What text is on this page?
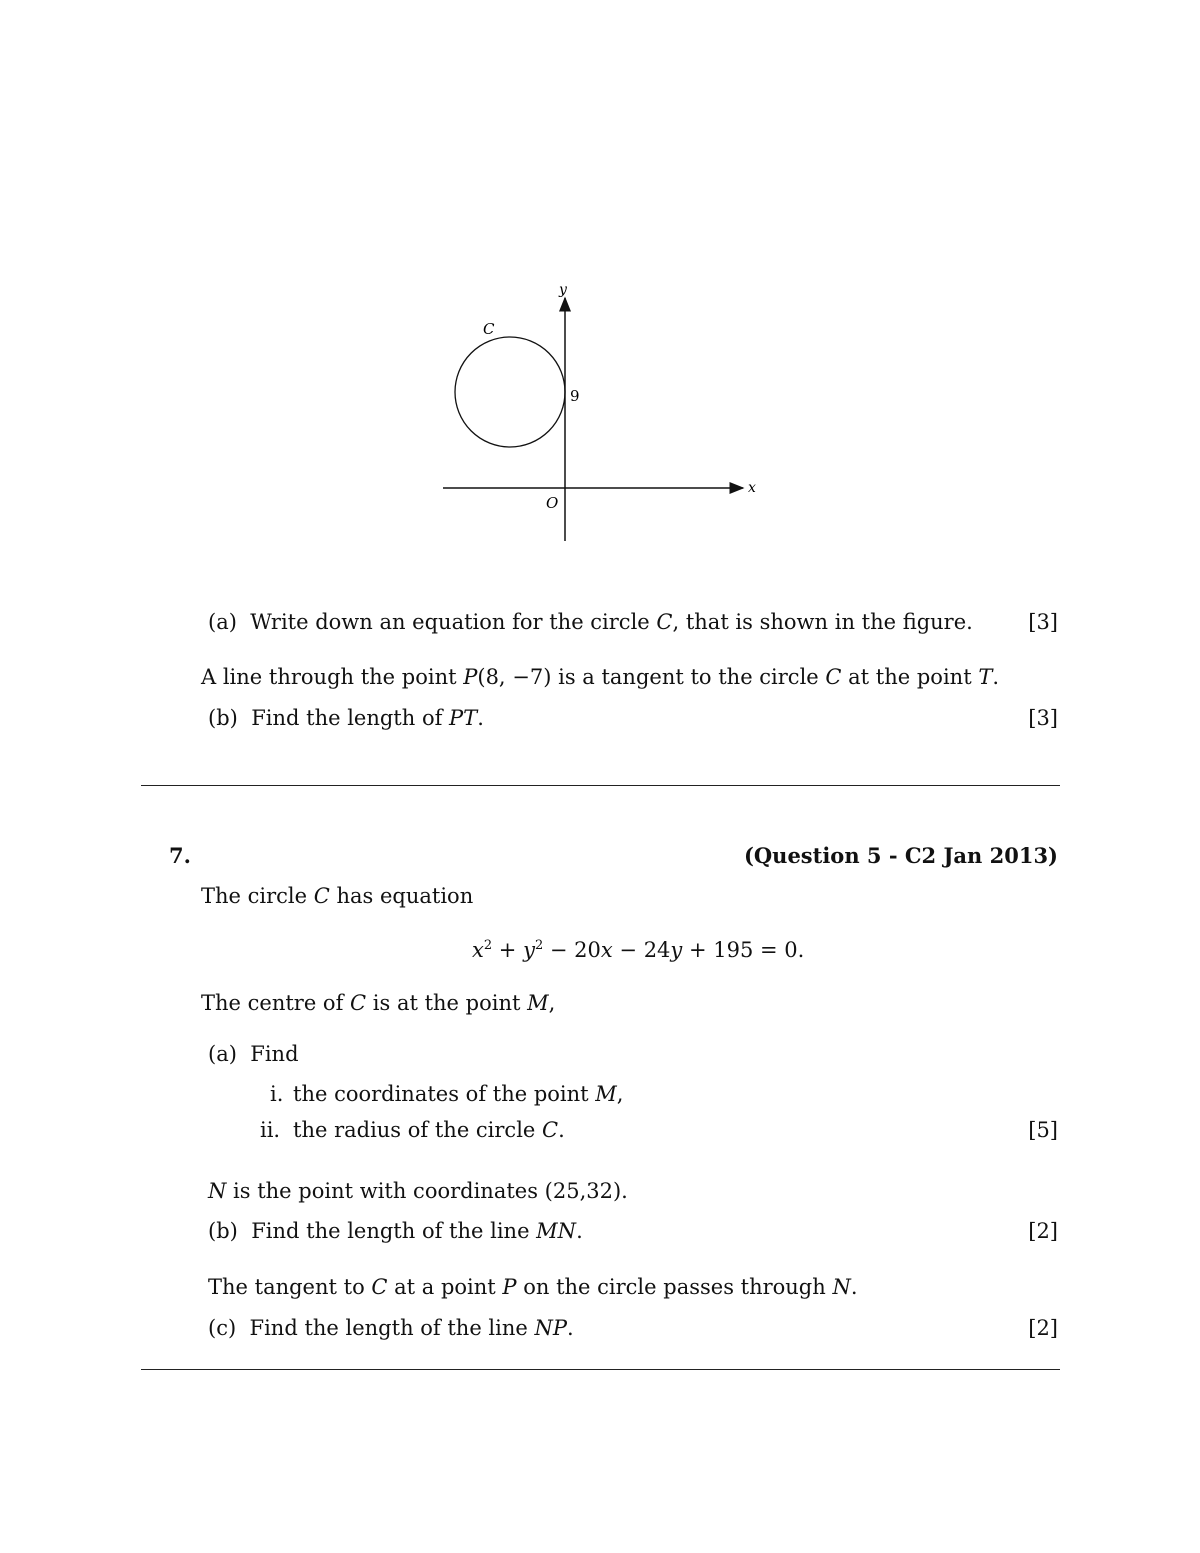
C
9
O
x
y
(a) Write down an equation for the circle C, that is shown in the figure.	[3]
A line through the point P(8, −7) is a tangent to the circle C at the point T.
(b) Find the length of PT.	[3]
7.	(Question 5 - C2 Jan 2013)
The circle C has equation
$x^2 + y^2 - 20x - 24y + 195 = 0$.
The centre of C is at the point M,
(a) Find
i. the coordinates of the point M,
ii. the radius of the circle C.	[5]
N is the point with coordinates (25,32).
(b) Find the length of the line MN.	[2]
The tangent to C at a point P on the circle passes through N.
(c) Find the length of the line NP.	[2]
